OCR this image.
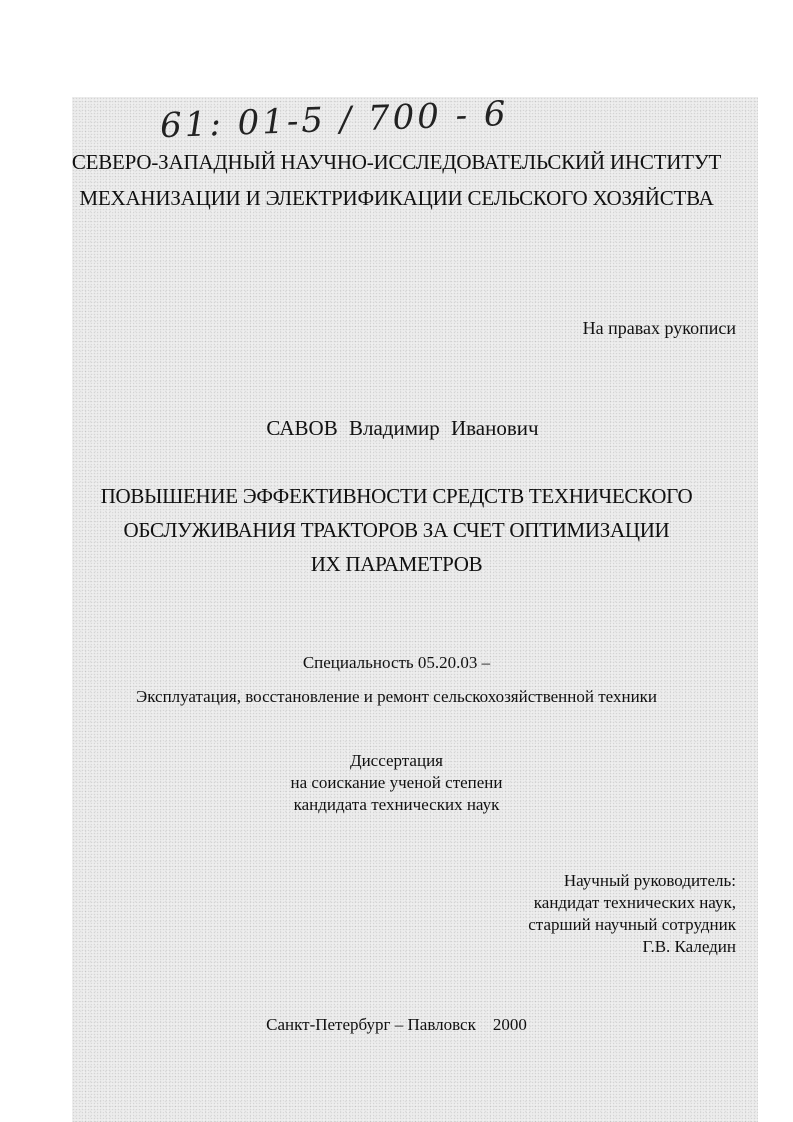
61: 01-5 / 700 - 6
СЕВЕРО-ЗАПАДНЫЙ НАУЧНО-ИССЛЕДОВАТЕЛЬСКИЙ ИНСТИТУТ
МЕХАНИЗАЦИИ И ЭЛЕКТРИФИКАЦИИ СЕЛЬСКОГО ХОЗЯЙСТВА
На правах рукописи
САВОВ Владимир Иванович
ПОВЫШЕНИЕ ЭФФЕКТИВНОСТИ СРЕДСТВ ТЕХНИЧЕСКОГО
ОБСЛУЖИВАНИЯ ТРАКТОРОВ ЗА СЧЕТ ОПТИМИЗАЦИИ
ИХ ПАРАМЕТРОВ
Специальность 05.20.03 –
Эксплуатация, восстановление и ремонт сельскохозяйственной техники
Диссертация
на соискание ученой степени
кандидата технических наук
Научный руководитель:
кандидат технических наук,
старший научный сотрудник
Г.В. Каледин
Санкт-Петербург – Павловск    2000
